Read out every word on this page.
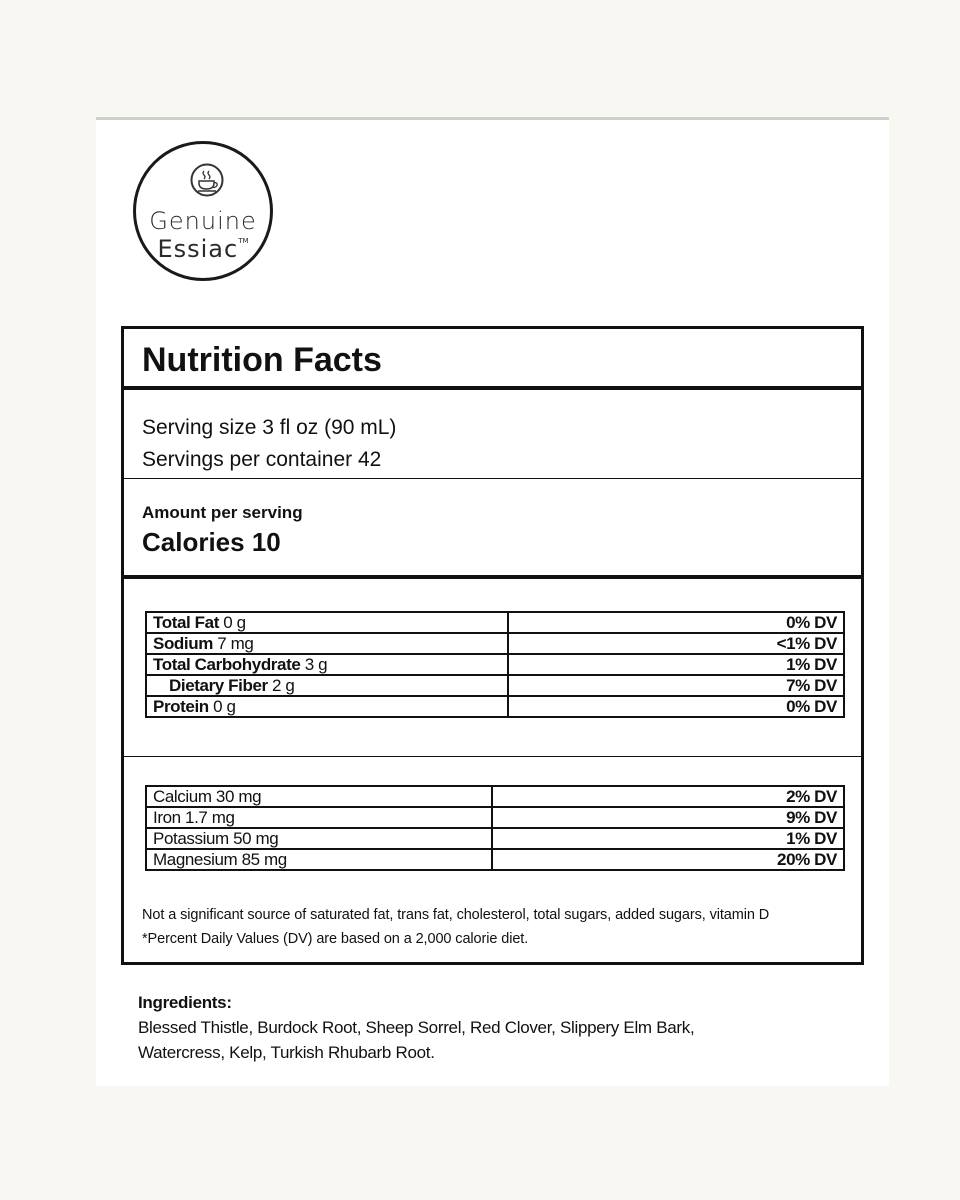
Genuine
Essiac™
Nutrition Facts
Serving size 3 fl oz (90 mL)
Servings per container 42
Amount per serving
Calories 10
Total Fat 0 g	0% DV
Sodium 7 mg	<1% DV
Total Carbohydrate 3 g	1% DV
Dietary Fiber 2 g	7% DV
Protein 0 g	0% DV
Calcium 30 mg	2% DV
Iron 1.7 mg	9% DV
Potassium 50 mg	1% DV
Magnesium 85 mg	20% DV
Not a significant source of saturated fat, trans fat, cholesterol, total sugars, added sugars, vitamin D
*Percent Daily Values (DV) are based on a 2,000 calorie diet.
Ingredients:
Blessed Thistle, Burdock Root, Sheep Sorrel, Red Clover, Slippery Elm Bark,
Watercress, Kelp, Turkish Rhubarb Root.
